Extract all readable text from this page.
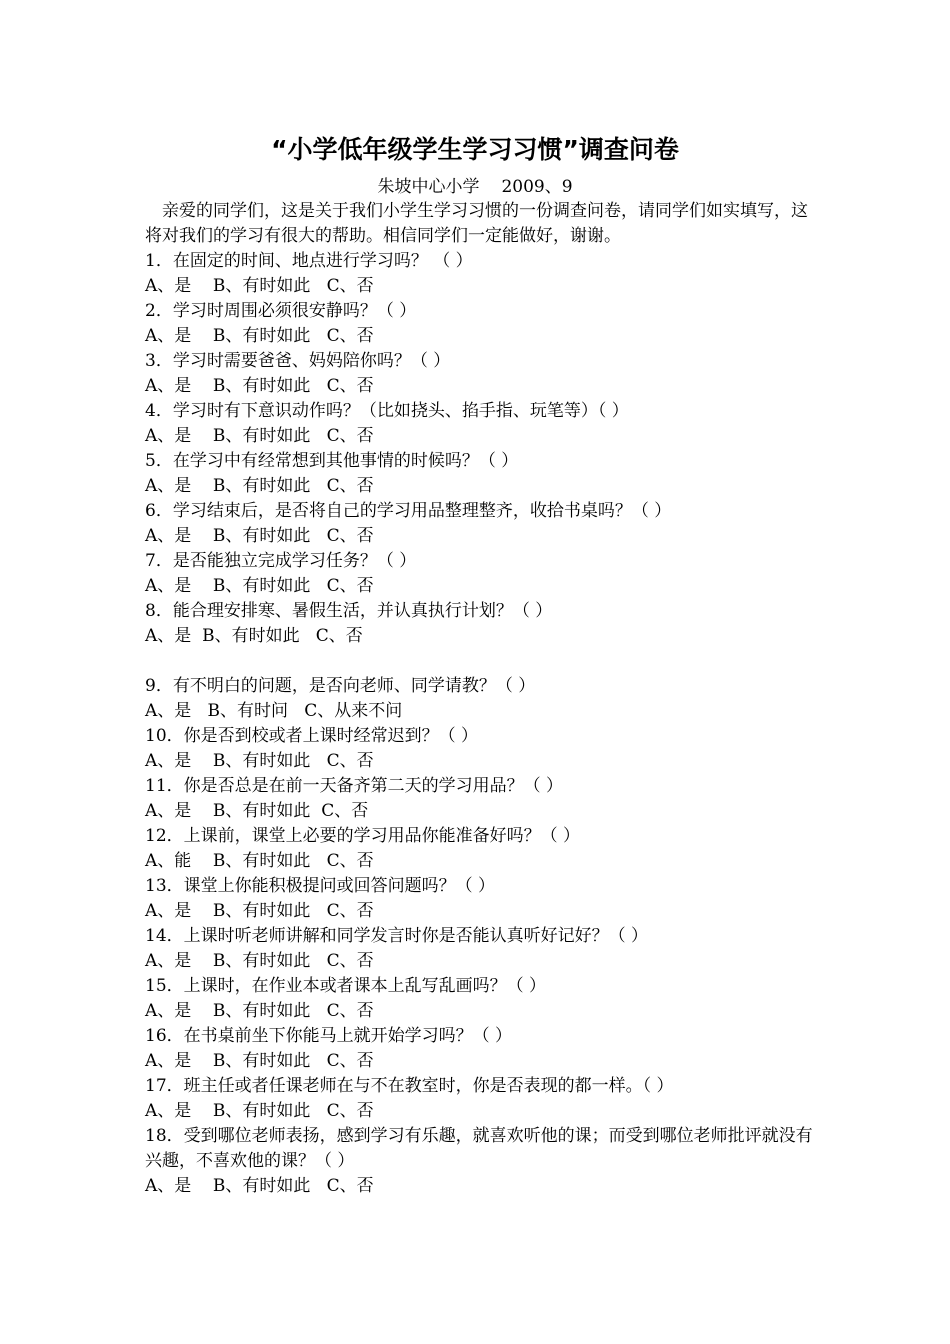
“小学低年级学生学习习惯”调查问卷
朱坡中心小学 2009、9

亲爱的同学们，这是关于我们小学生学习习惯的一份调查问卷，请同学们如实填写，这将对我们的学习有很大的帮助。相信同学们一定能做好，谢谢。

1．在固定的时间、地点进行学习吗？ （ ）

A、是    B、有时如此   C、否

2．学习时周围必须很安静吗？（ ）

A、是    B、有时如此   C、否

3．学习时需要爸爸、妈妈陪你吗？（ ）

A、是    B、有时如此   C、否

4．学习时有下意识动作吗？（比如挠头、掐手指、玩笔等）（ ）

A、是    B、有时如此   C、否

5．在学习中有经常想到其他事情的时候吗？（ ）

A、是    B、有时如此   C、否

6．学习结束后，是否将自己的学习用品整理整齐，收拾书桌吗？（ ）

A、是    B、有时如此   C、否

7．是否能独立完成学习任务？（ ）

A、是    B、有时如此   C、否

8．能合理安排寒、暑假生活，并认真执行计划？（ ）

A、是  B、有时如此   C、否

9．有不明白的问题，是否向老师、同学请教？（ ）

A、是   B、有时问   C、从来不问

10．你是否到校或者上课时经常迟到？（ ）

A、是    B、有时如此   C、否

11．你是否总是在前一天备齐第二天的学习用品？（ ）

A、是    B、有时如此  C、否

12．上课前，课堂上必要的学习用品你能准备好吗？（ ）

A、能    B、有时如此   C、否

13．课堂上你能积极提问或回答问题吗？（ ）

A、是    B、有时如此   C、否

14．上课时听老师讲解和同学发言时你是否能认真听好记好？（ ）

A、是    B、有时如此   C、否

15．上课时，在作业本或者课本上乱写乱画吗？（ ）

A、是    B、有时如此   C、否

16．在书桌前坐下你能马上就开始学习吗？（ ）

A、是    B、有时如此   C、否

17．班主任或者任课老师在与不在教室时，你是否表现的都一样。（ ）

A、是    B、有时如此   C、否

18．受到哪位老师表扬，感到学习有乐趣，就喜欢听他的课；而受到哪位老师批评就没有兴趣，不喜欢他的课？（ ）

A、是    B、有时如此   C、否
